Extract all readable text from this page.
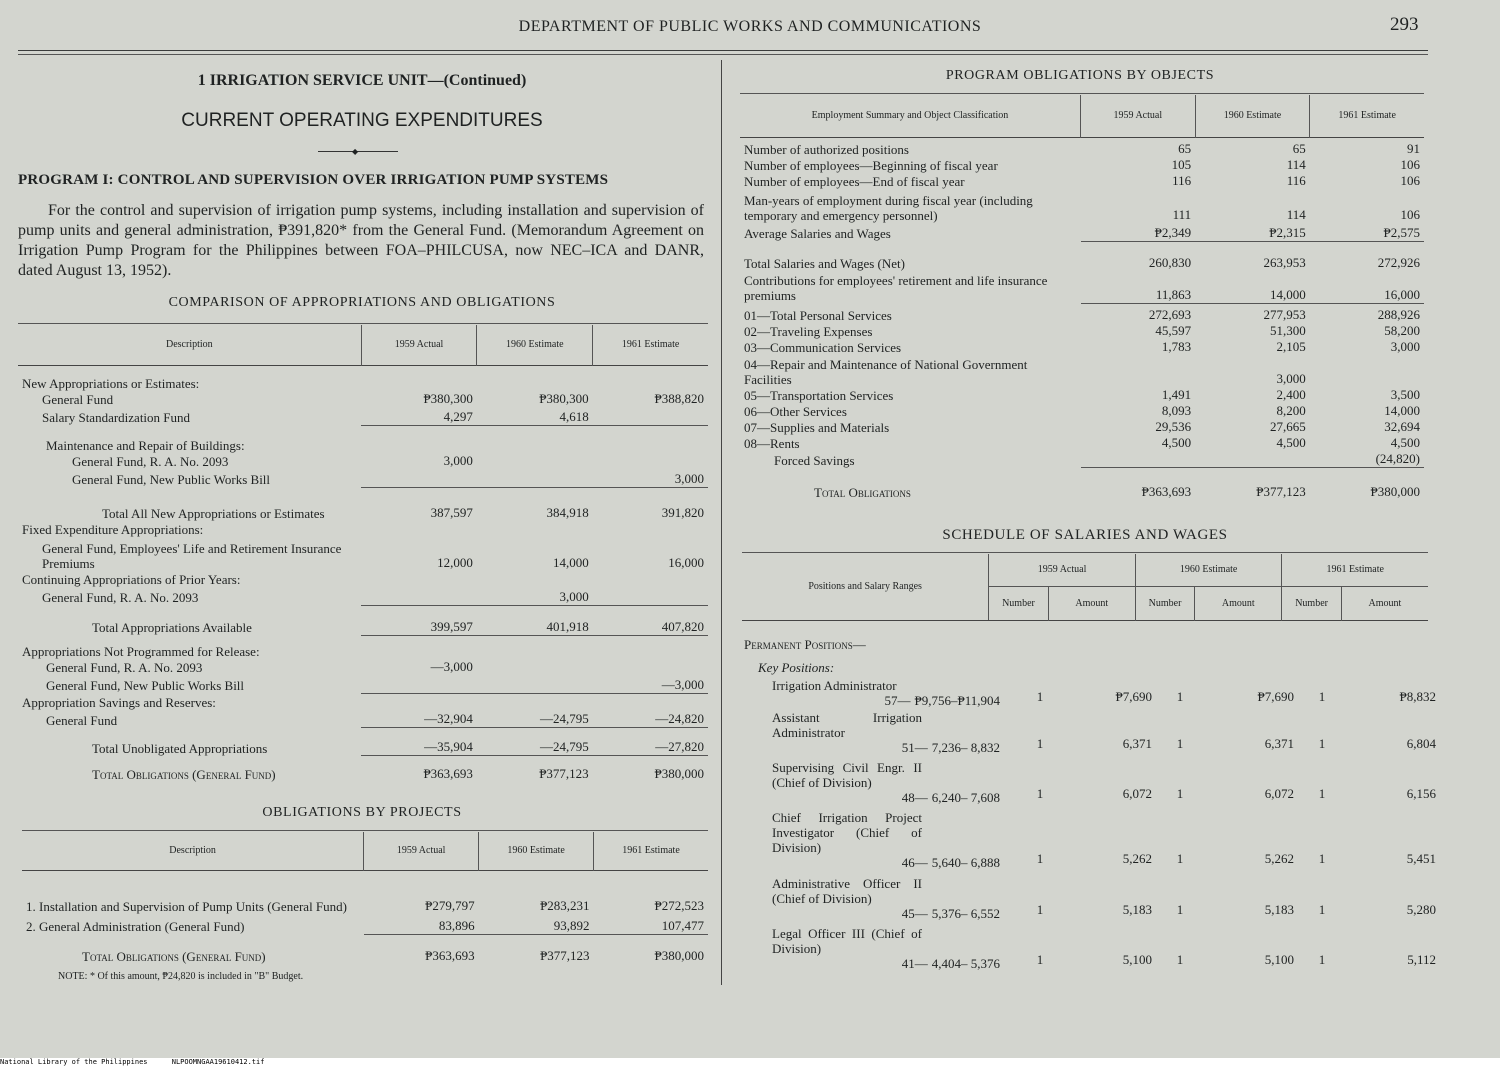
DEPARTMENT OF PUBLIC WORKS AND COMMUNICATIONS	293
1 IRRIGATION SERVICE UNIT—(Continued)
CURRENT OPERATING EXPENDITURES
◆
PROGRAM I: CONTROL AND SUPERVISION OVER IRRIGATION PUMP SYSTEMS
For the control and supervision of irrigation pump systems, including installation and supervision of pump units and general administration, ₱391,820* from the General Fund. (Memorandum Agreement on Irrigation Pump Program for the Philippines between FOA–PHILCUSA, now NEC–ICA and DANR, dated August 13, 1952).
COMPARISON OF APPROPRIATIONS AND OBLIGATIONS
Description	1959 Actual	1960 Estimate	1961 Estimate
New Appropriations or Estimates:			
General Fund	₱380,300	₱380,300	₱388,820
Salary Standardization Fund	4,297	4,618	
Maintenance and Repair of Buildings:			
General Fund, R. A. No. 2093	3,000		
General Fund, New Public Works Bill			3,000
Total All New Appropriations or Estimates	387,597	384,918	391,820
Fixed Expenditure Appropriations:			
General Fund, Employees' Life and Retirement Insurance Premiums	12,000	14,000	16,000
Continuing Appropriations of Prior Years:			
General Fund, R. A. No. 2093		3,000	
Total Appropriations Available	399,597	401,918	407,820
Appropriations Not Programmed for Release:			
General Fund, R. A. No. 2093	—3,000		
General Fund, New Public Works Bill			—3,000
Appropriation Savings and Reserves:			
General Fund	—32,904	—24,795	—24,820
Total Unobligated Appropriations	—35,904	—24,795	—27,820
Total Obligations (General Fund)	₱363,693	₱377,123	₱380,000
OBLIGATIONS BY PROJECTS
Description	1959 Actual	1960 Estimate	1961 Estimate
1. Installation and Supervision of Pump Units (General Fund)	₱279,797	₱283,231	₱272,523
2. General Administration (General Fund)	83,896	93,892	107,477
Total Obligations (General Fund)	₱363,693	₱377,123	₱380,000
NOTE: * Of this amount, ₱24,820 is included in "B" Budget.
PROGRAM OBLIGATIONS BY OBJECTS
Employment Summary and Object Classification	1959 Actual	1960 Estimate	1961 Estimate
Number of authorized positions	65	65	91
Number of employees—Beginning of fiscal year	105	114	106
Number of employees—End of fiscal year	116	116	106
Man-years of employment during fiscal year (including temporary and emergency personnel)	111	114	106
Average Salaries and Wages	₱2,349	₱2,315	₱2,575
Total Salaries and Wages (Net)	260,830	263,953	272,926
Contributions for employees' retirement and life insurance premiums	11,863	14,000	16,000
01—Total Personal Services	272,693	277,953	288,926
02—Traveling Expenses	45,597	51,300	58,200
03—Communication Services	1,783	2,105	3,000
04—Repair and Maintenance of National Government Facilities		3,000	
05—Transportation Services	1,491	2,400	3,500
06—Other Services	8,093	8,200	14,000
07—Supplies and Materials	29,536	27,665	32,694
08—Rents	4,500	4,500	4,500
Forced Savings			(24,820)
Total Obligations	₱363,693	₱377,123	₱380,000
SCHEDULE OF SALARIES AND WAGES
Positions and Salary Ranges	1959 Actual		1960 Estimate		1961 Estimate	
	Number	Amount	Number	Amount	Number	Amount
Permanent Positions—
Key Positions:
Irrigation Administrator
57— ₱9,756–₱11,904	1	₱7,690	1	₱7,690	1	₱8,832
Assistant Irrigation Administrator
51— 7,236– 8,832	1	6,371	1	6,371	1	6,804
Supervising Civil Engr. II (Chief of Division)
48— 6,240– 7,608	1	6,072	1	6,072	1	6,156
Chief Irrigation Project Investigator (Chief of Division)
46— 5,640– 6,888	1	5,262	1	5,262	1	5,451
Administrative Officer II (Chief of Division)
45— 5,376– 6,552	1	5,183	1	5,183	1	5,280
Legal Officer III (Chief of Division)
41— 4,404– 5,376	1	5,100	1	5,100	1	5,112
National Library of the Philippines	NLPOOMNGAA19610412.tif
